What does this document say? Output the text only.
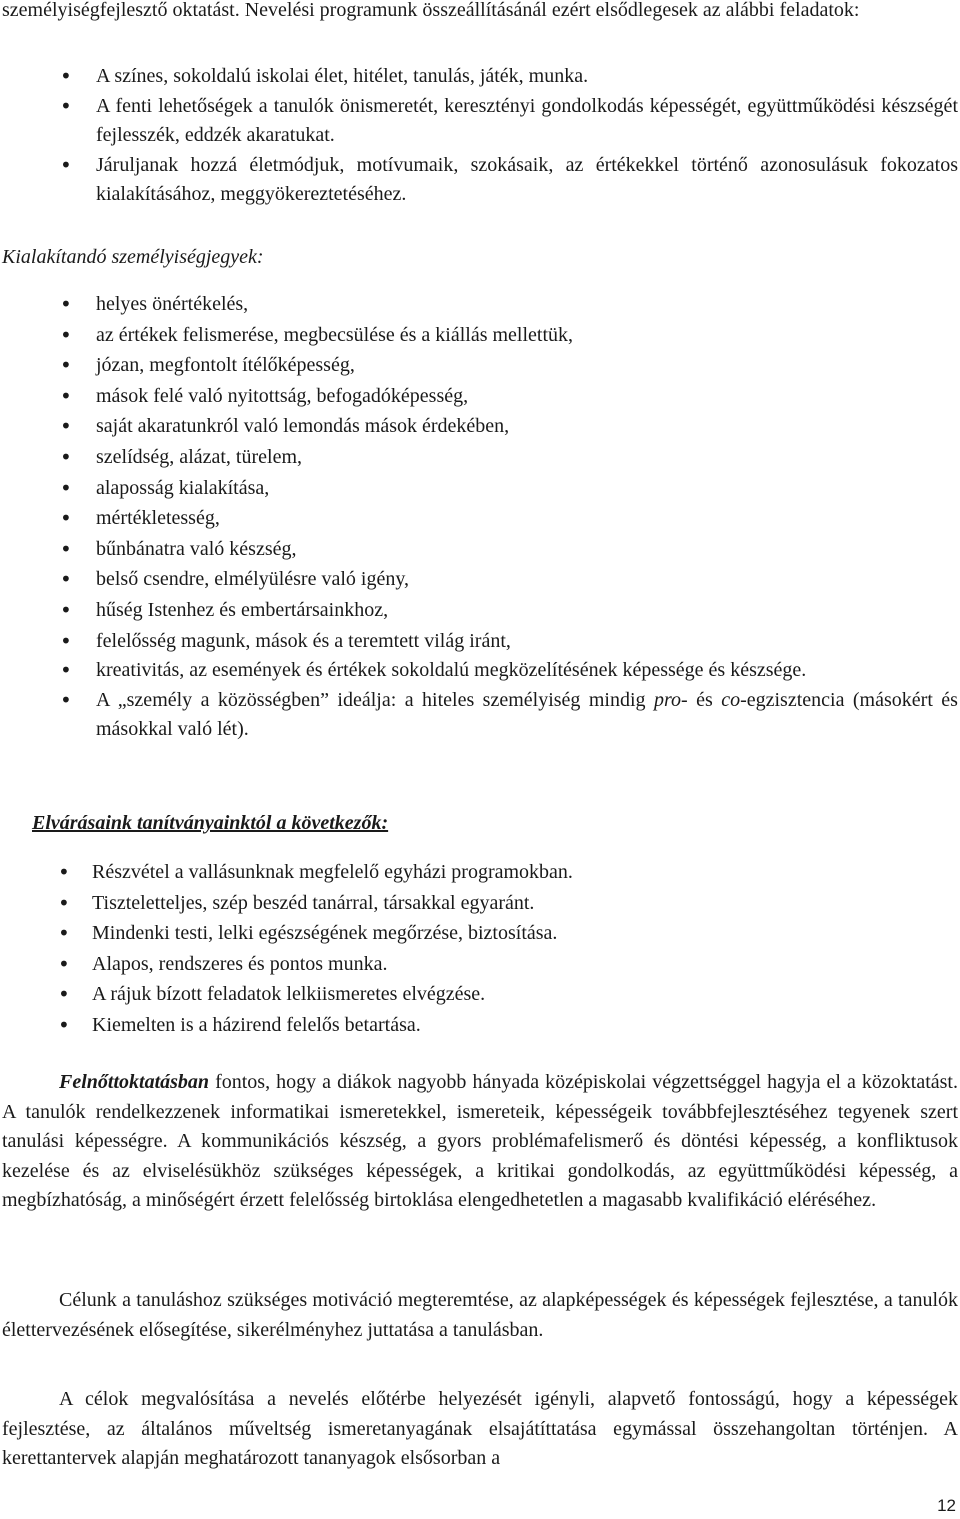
személyiségfejlesztő oktatást. Nevelési programunk összeállításánál ezért elsődlegesek az alábbi feladatok:

• A színes, sokoldalú iskolai élet, hitélet, tanulás, játék, munka.
• A fenti lehetőségek a tanulók önismeretét, keresztényi gondolkodás képességét, együttműködési készségét fejlesszék, eddzék akaratukat.
• Járuljanak hozzá életmódjuk, motívumaik, szokásaik, az értékekkel történő azonosulásuk fokozatos kialakításához, meggyökereztetéséhez.

Kialakítandó személyiségjegyek:

• helyes önértékelés,
• az értékek felismerése, megbecsülése és a kiállás mellettük,
• józan, megfontolt ítélőképesség,
• mások felé való nyitottság, befogadóképesség,
• saját akaratunkról való lemondás mások érdekében,
• szelídség, alázat, türelem,
• alaposság kialakítása,
• mértékletesség,
• bűnbánatra való készség,
• belső csendre, elmélyülésre való igény,
• hűség Istenhez és embertársainkhoz,
• felelősség magunk, mások és a teremtett világ iránt,
• kreativitás, az események és értékek sokoldalú megközelítésének képessége és készsége.
• A „személy a közösségben” ideálja: a hiteles személyiség mindig pro- és co-egzisztencia (másokért és másokkal való lét).

Elvárásaink tanítványainktól a következők:

• Részvétel a vallásunknak megfelelő egyházi programokban.
• Tiszteletteljes, szép beszéd tanárral, társakkal egyaránt.
• Mindenki testi, lelki egészségének megőrzése, biztosítása.
• Alapos, rendszeres és pontos munka.
• A rájuk bízott feladatok lelkiismeretes elvégzése.
• Kiemelten is a házirend felelős betartása.

Felnőttoktatásban fontos, hogy a diákok nagyobb hányada középiskolai végzettséggel hagyja el a közoktatást. A tanulók rendelkezzenek informatikai ismeretekkel, ismereteik, képességeik továbbfejlesztéséhez tegyenek szert tanulási képességre. A kommunikációs készség, a gyors problémafelismerő és döntési képesség, a konfliktusok kezelése és az elviselésükhöz szükséges képességek, a kritikai gondolkodás, az együttműködési képesség, a megbízhatóság, a minőségért érzett felelősség birtoklása elengedhetetlen a magasabb kvalifikáció eléréséhez.

Célunk a tanuláshoz szükséges motiváció megteremtése, az alapképességek és képességek fejlesztése, a tanulók élettervezésének elősegítése, sikerélményhez juttatása a tanulásban.

A célok megvalósítása a nevelés előtérbe helyezését igényli, alapvető fontosságú, hogy a képességek fejlesztése, az általános műveltség ismeretanyagának elsajátíttatása egymással összehangoltan történjen. A kerettantervek alapján meghatározott tananyagok elsősorban a

12
